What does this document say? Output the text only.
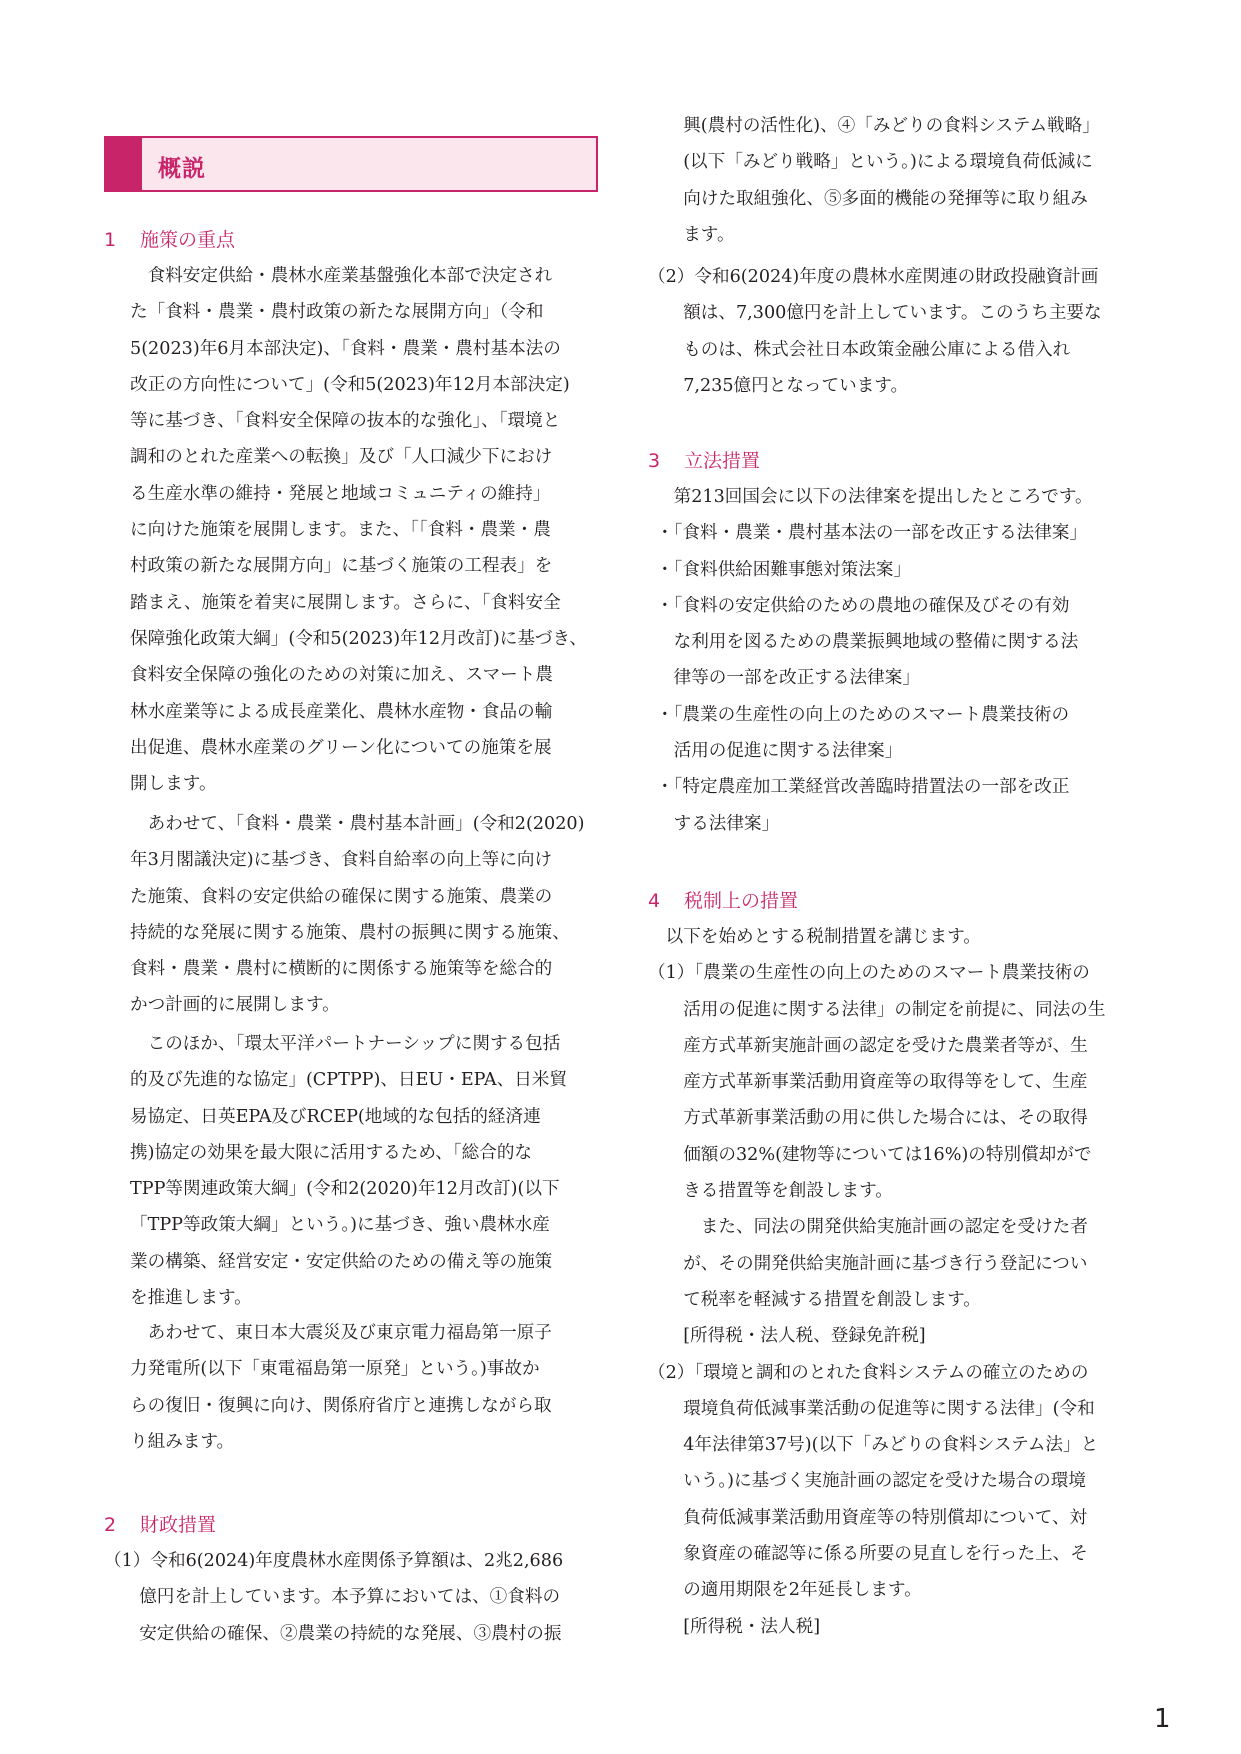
概説
1 施策の重点
　食料安定供給・農林水産業基盤強化本部で決定され
た「食料・農業・農村政策の新たな展開方向」（令和
5(2023)年6月本部決定)、「食料・農業・農村基本法の
改正の方向性について」(令和5(2023)年12月本部決定)
等に基づき、「食料安全保障の抜本的な強化」、「環境と
調和のとれた産業への転換」及び「人口減少下におけ
る生産水準の維持・発展と地域コミュニティの維持」
に向けた施策を展開します。また、「「食料・農業・農
村政策の新たな展開方向」に基づく施策の工程表」を
踏まえ、施策を着実に展開します。さらに、「食料安全
保障強化政策大綱」(令和5(2023)年12月改訂)に基づき、
食料安全保障の強化のための対策に加え、スマート農
林水産業等による成長産業化、農林水産物・食品の輸
出促進、農林水産業のグリーン化についての施策を展
開します。
　あわせて、「食料・農業・農村基本計画」(令和2(2020)
年3月閣議決定)に基づき、食料自給率の向上等に向け
た施策、食料の安定供給の確保に関する施策、農業の
持続的な発展に関する施策、農村の振興に関する施策、
食料・農業・農村に横断的に関係する施策等を総合的
かつ計画的に展開します。
　このほか、「環太平洋パートナーシップに関する包括
的及び先進的な協定」(CPTPP)、日EU・EPA、日米貿
易協定、日英EPA及びRCEP(地域的な包括的経済連
携)協定の効果を最大限に活用するため、「総合的な
TPP等関連政策大綱」(令和2(2020)年12月改訂)(以下
「TPP等政策大綱」という。)に基づき、強い農林水産
業の構築、経営安定・安定供給のための備え等の施策
を推進します。
　あわせて、東日本大震災及び東京電力福島第一原子
力発電所(以下「東電福島第一原発」という。)事故か
らの復旧・復興に向け、関係府省庁と連携しながら取
り組みます。
2 財政措置
（1）令和6(2024)年度農林水産関係予算額は、2兆2,686
　　億円を計上しています。本予算においては、①食料の
　　安定供給の確保、②農業の持続的な発展、③農村の振
　　興(農村の活性化)、④「みどりの食料システム戦略」
　　(以下「みどり戦略」という。)による環境負荷低減に
　　向けた取組強化、⑤多面的機能の発揮等に取り組み
　　ます。
（2）令和6(2024)年度の農林水産関連の財政投融資計画
　　額は、7,300億円を計上しています。このうち主要な
　　ものは、株式会社日本政策金融公庫による借入れ
　　7,235億円となっています。
3 立法措置
　第213回国会に以下の法律案を提出したところです。
・「食料・農業・農村基本法の一部を改正する法律案」
・「食料供給困難事態対策法案」
・「食料の安定供給のための農地の確保及びその有効
　な利用を図るための農業振興地域の整備に関する法
　律等の一部を改正する法律案」
・「農業の生産性の向上のためのスマート農業技術の
　活用の促進に関する法律案」
・「特定農産加工業経営改善臨時措置法の一部を改正
　する法律案」
4 税制上の措置
　以下を始めとする税制措置を講じます。
（1）「農業の生産性の向上のためのスマート農業技術の
　　活用の促進に関する法律」の制定を前提に、同法の生
　　産方式革新実施計画の認定を受けた農業者等が、生
　　産方式革新事業活動用資産等の取得等をして、生産
　　方式革新事業活動の用に供した場合には、その取得
　　価額の32%(建物等については16%)の特別償却がで
　　きる措置等を創設します。
　　　また、同法の開発供給実施計画の認定を受けた者
　　が、その開発供給実施計画に基づき行う登記につい
　　て税率を軽減する措置を創設します。
　　[所得税・法人税、登録免許税]
（2）「環境と調和のとれた食料システムの確立のための
　　環境負荷低減事業活動の促進等に関する法律」(令和
　　4年法律第37号)(以下「みどりの食料システム法」と
　　いう。)に基づく実施計画の認定を受けた場合の環境
　　負荷低減事業活動用資産等の特別償却について、対
　　象資産の確認等に係る所要の見直しを行った上、そ
　　の適用期限を2年延長します。
　　[所得税・法人税]
1
